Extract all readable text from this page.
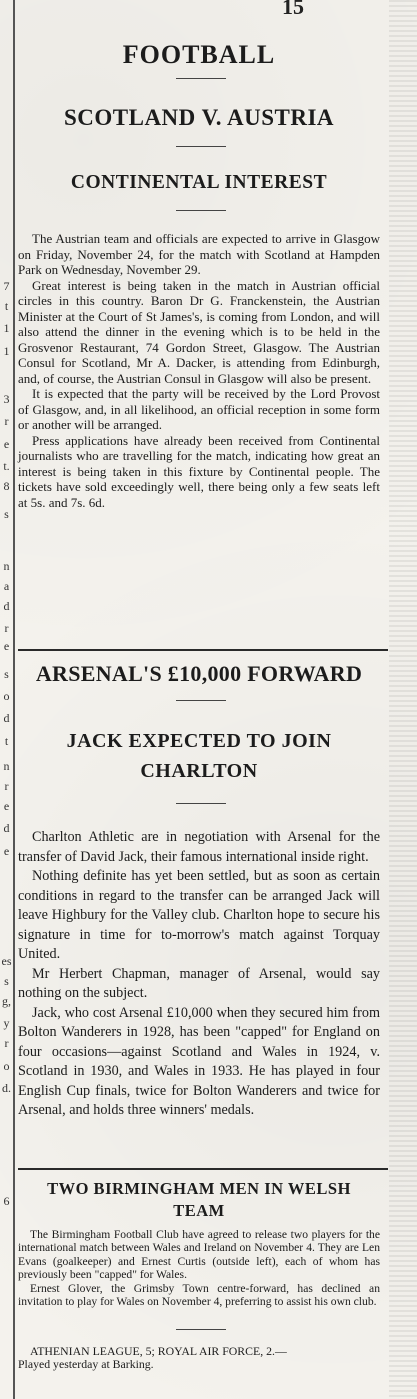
7
t
1
1
3
r
e
t.
8
s
n
a
d
r
e
s
o
d
t
n
r
e
d
e
es
s
g,
y
r
o
d.
6
15
FOOTBALL
SCOTLAND V. AUSTRIA
CONTINENTAL INTEREST

The Austrian team and officials are expected to arrive in Glasgow on Friday, November 24, for the match with Scotland at Hampden Park on Wednesday, November 29.

Great interest is being taken in the match in Austrian official circles in this country. Baron Dr G. Franckenstein, the Austrian Minister at the Court of St James's, is coming from London, and will also attend the dinner in the evening which is to be held in the Grosvenor Restaurant, 74 Gordon Street, Glasgow. The Austrian Consul for Scotland, Mr A. Dacker, is attending from Edinburgh, and, of course, the Austrian Consul in Glasgow will also be present.

It is expected that the party will be received by the Lord Provost of Glasgow, and, in all likelihood, an official reception in some form or another will be arranged.

Press applications have already been received from Continental journalists who are travelling for the match, indicating how great an interest is being taken in this fixture by Continental people. The tickets have sold exceedingly well, there being only a few seats left at 5s. and 7s. 6d.

ARSENAL'S £10,000 FORWARD
JACK EXPECTED TO JOIN
CHARLTON

Charlton Athletic are in negotiation with Arsenal for the transfer of David Jack, their famous international inside right.

Nothing definite has yet been settled, but as soon as certain conditions in regard to the transfer can be arranged Jack will leave Highbury for the Valley club. Charlton hope to secure his signature in time for to-morrow's match against Torquay United.

Mr Herbert Chapman, manager of Arsenal, would say nothing on the subject.

Jack, who cost Arsenal £10,000 when they secured him from Bolton Wanderers in 1928, has been "capped" for England on four occasions—against Scotland and Wales in 1924, v. Scotland in 1930, and Wales in 1933. He has played in four English Cup finals, twice for Bolton Wanderers and twice for Arsenal, and holds three winners' medals.

TWO BIRMINGHAM MEN IN WELSH
TEAM

The Birmingham Football Club have agreed to release two players for the international match between Wales and Ireland on November 4. They are Len Evans (goalkeeper) and Ernest Curtis (outside left), each of whom has previously been "capped" for Wales.

Ernest Glover, the Grimsby Town centre-forward, has declined an invitation to play for Wales on November 4, preferring to assist his own club.

ATHENIAN LEAGUE, 5; ROYAL AIR FORCE, 2.—

Played yesterday at Barking.
